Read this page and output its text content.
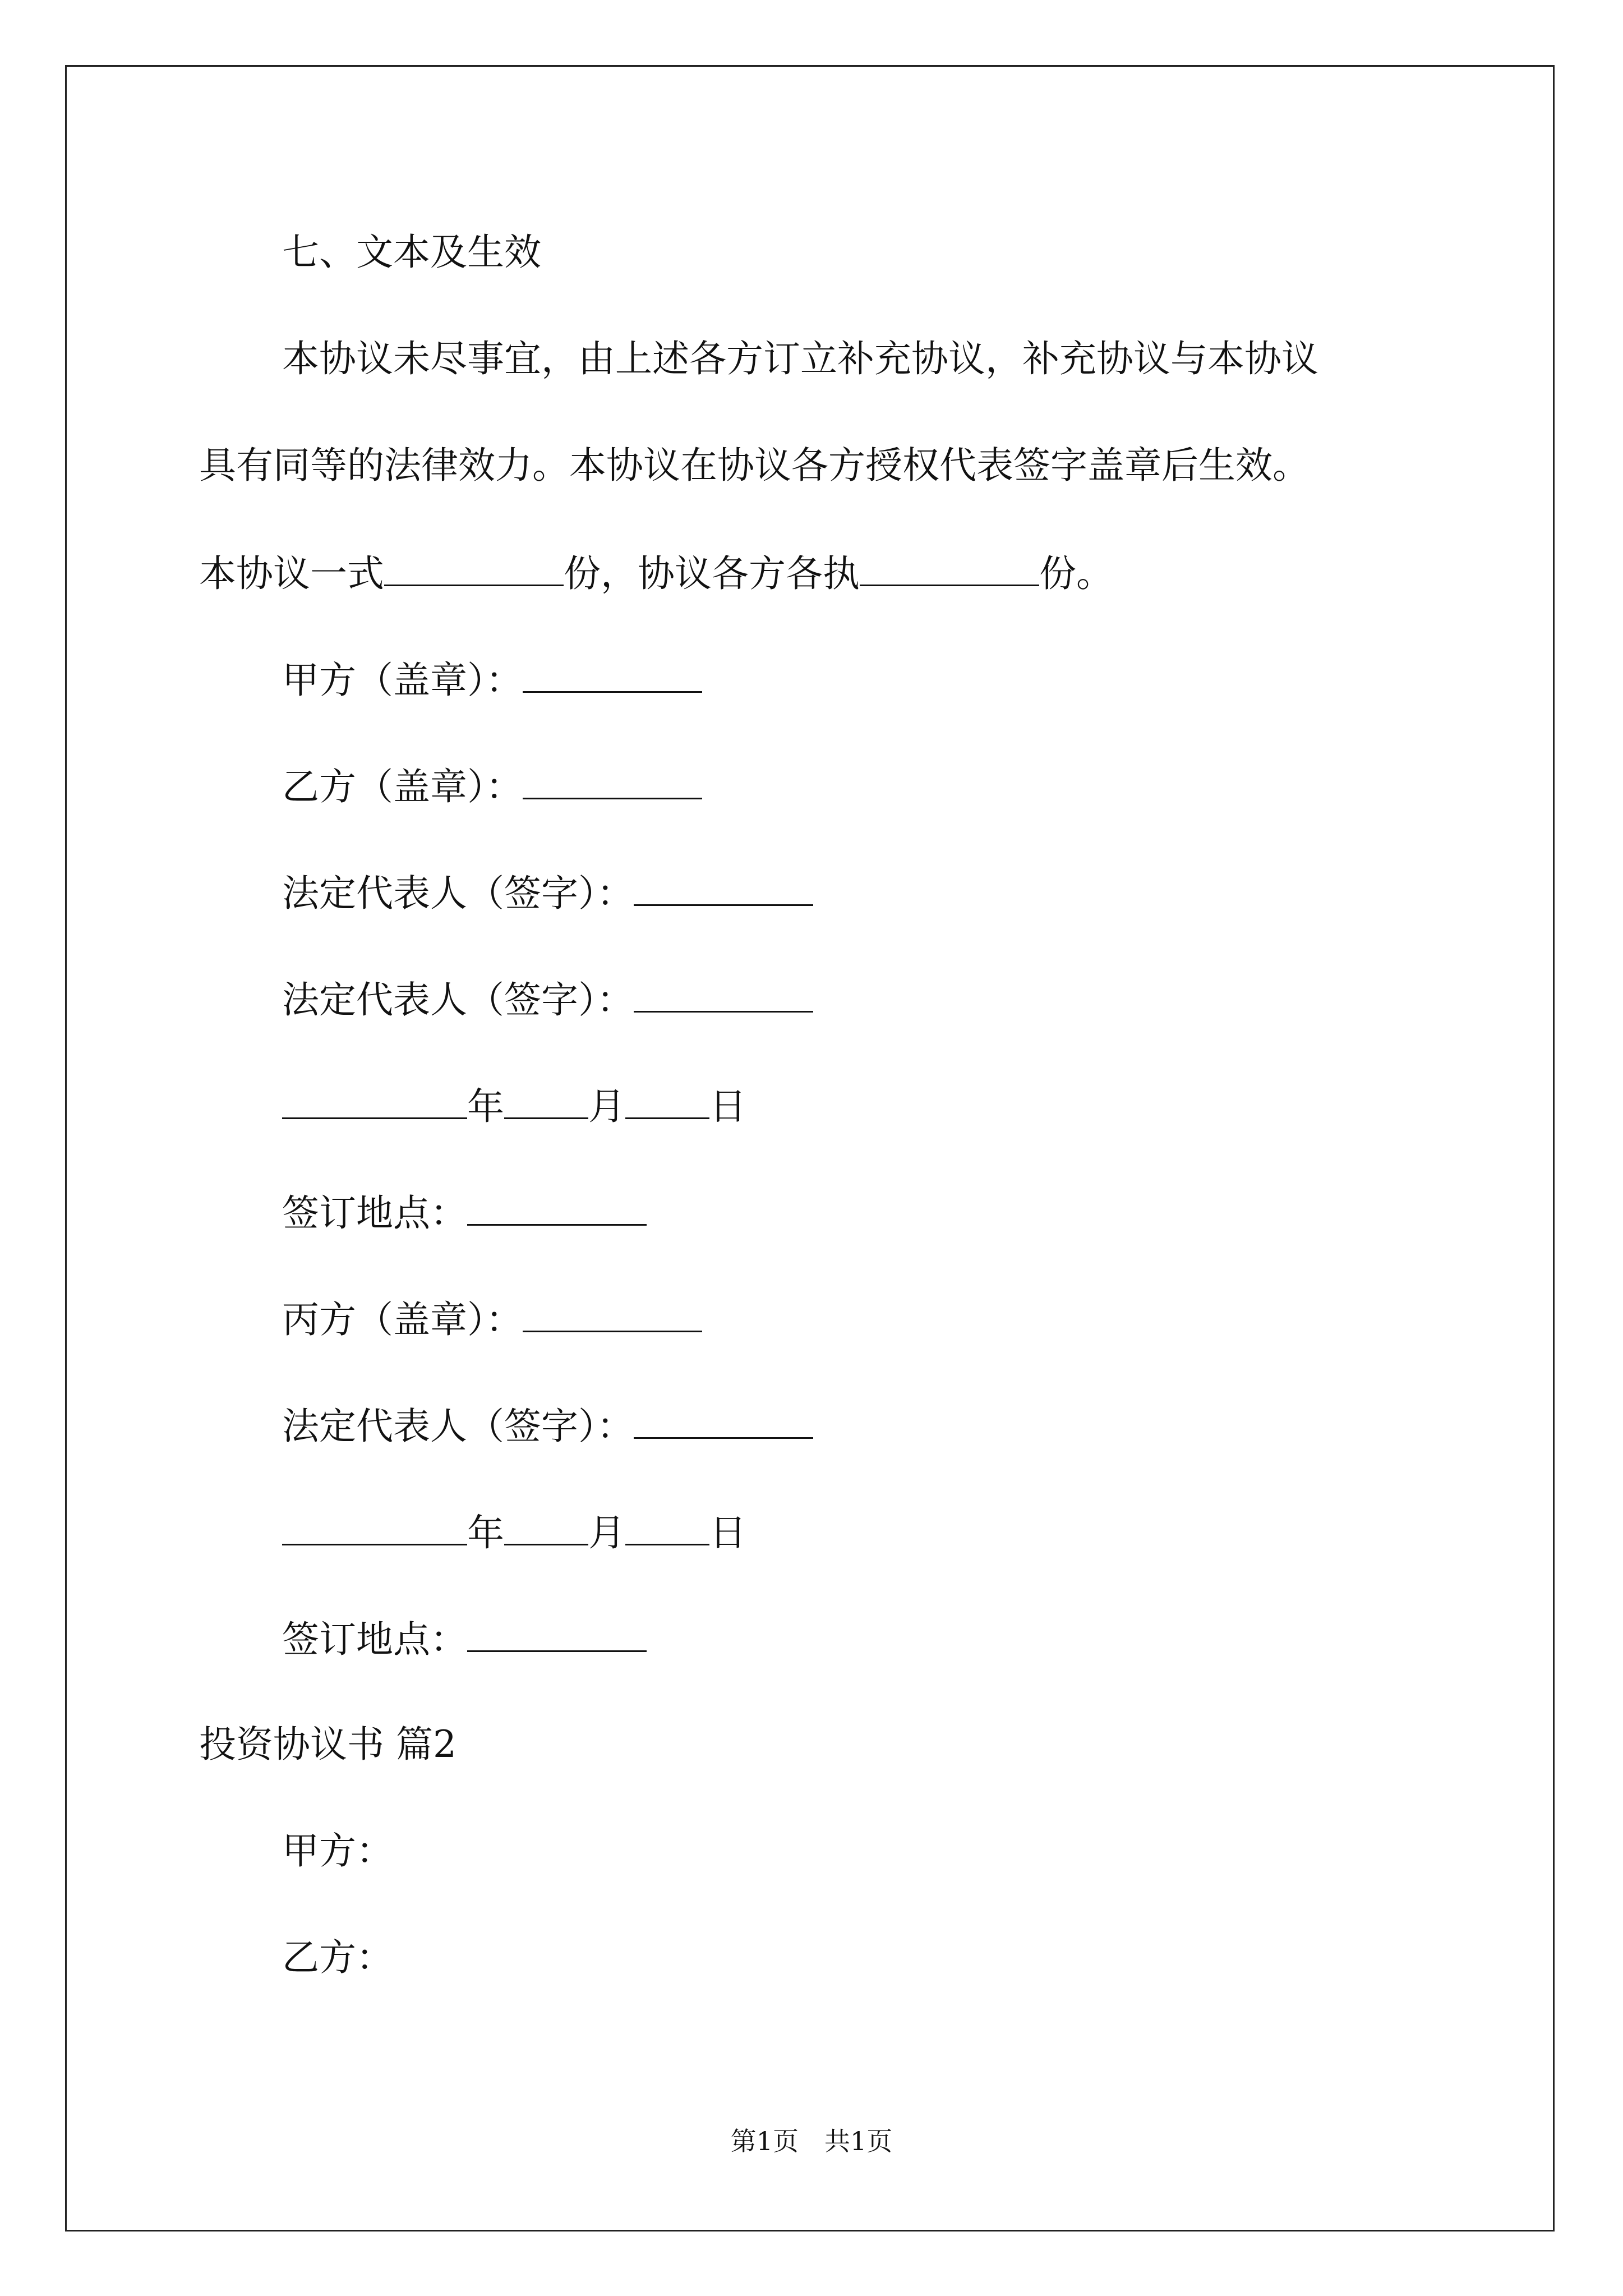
七、文本及生效
本协议未尽事宜，由上述各方订立补充协议，补充协议与本协议
具有同等的法律效力。本协议在协议各方授权代表签字盖章后生效。
本协议一式	份，协议各方各执	份。
甲方（盖章）：
乙方（盖章）：
法定代表人（签字）：
法定代表人（签字）：
年 月 日
签订地点：
丙方（盖章）：
法定代表人（签字）：
年 月 日
签订地点：
投资协议书 篇2
甲方：
乙方：
第1页　共1页
